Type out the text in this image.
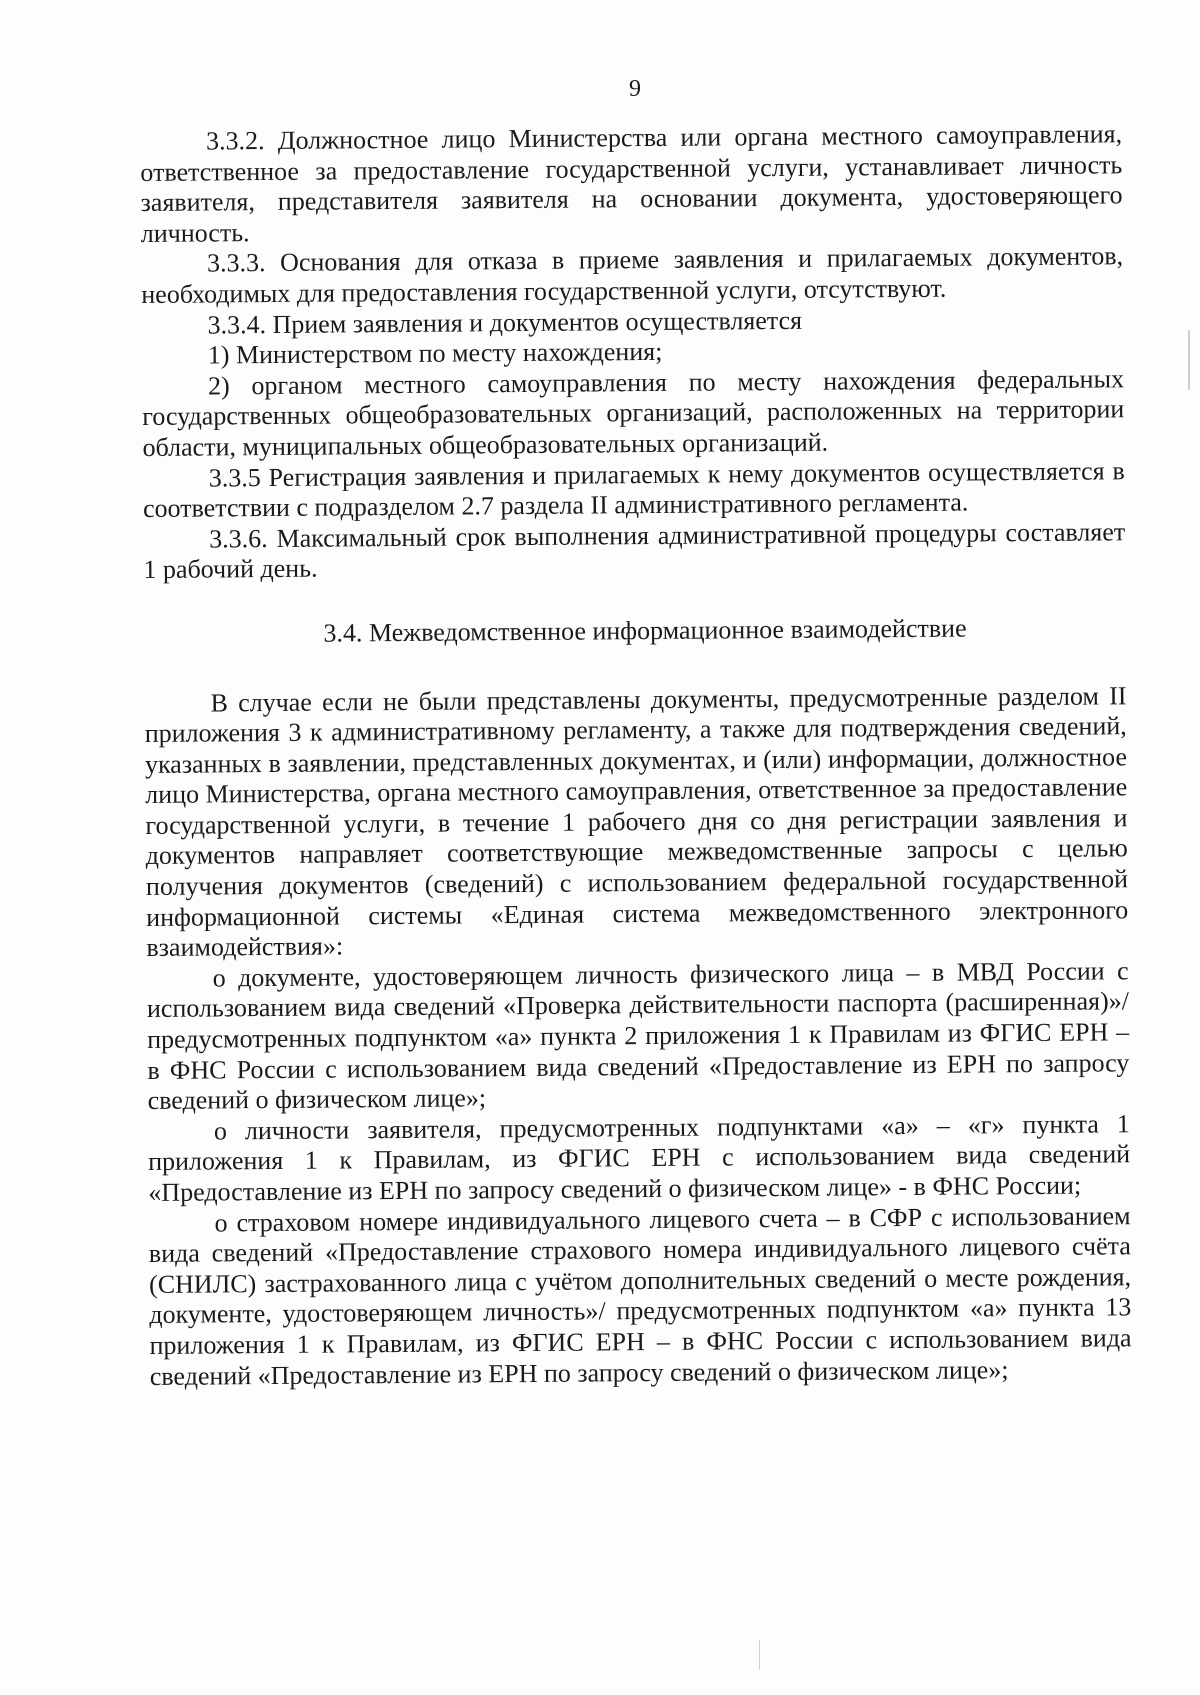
9

3.3.2. Должностное лицо Министерства или органа местного самоуправления, ответственное за предоставление государственной услуги, устанавливает личность заявителя, представителя заявителя на основании документа, удостоверяющего личность.

3.3.3. Основания для отказа в приеме заявления и прилагаемых документов, необходимых для предоставления государственной услуги, отсутствуют.

3.3.4. Прием заявления и документов осуществляется

1) Министерством по месту нахождения;

2) органом местного самоуправления по месту нахождения федеральных государственных общеобразовательных организаций, расположенных на территории области, муниципальных общеобразовательных организаций.

3.3.5 Регистрация заявления и прилагаемых к нему документов осуществляется в соответствии с подразделом 2.7 раздела II административного регламента.

3.3.6. Максимальный срок выполнения административной процедуры составляет 1 рабочий день.

3.4. Межведомственное информационное взаимодействие

В случае если не были представлены документы, предусмотренные разделом II приложения 3 к административному регламенту, а также для подтверждения сведений, указанных в заявлении, представленных документах, и (или) информации, должностное лицо Министерства, органа местного самоуправления, ответственное за предоставление государственной услуги, в течение 1 рабочего дня со дня регистрации заявления и документов направляет соответствующие межведомственные запросы с целью получения документов (сведений) с использованием федеральной государственной информационной системы «Единая система межведомственного электронного взаимодействия»:

о документе, удостоверяющем личность физического лица – в МВД России с использованием вида сведений «Проверка действительности паспорта (расширенная)»/предусмотренных подпунктом «а» пункта 2 приложения 1 к Правилам из ФГИС ЕРН – в ФНС России с использованием вида сведений «Предоставление из ЕРН по запросу сведений о физическом лице»;

о личности заявителя, предусмотренных подпунктами «а» – «г» пункта 1 приложения 1 к Правилам, из ФГИС ЕРН с использованием вида сведений «Предоставление из ЕРН по запросу сведений о физическом лице» - в ФНС России;

о страховом номере индивидуального лицевого счета – в СФР с использованием вида сведений «Предоставление страхового номера индивидуального лицевого счёта (СНИЛС) застрахованного лица с учётом дополнительных сведений о месте рождения, документе, удостоверяющем личность»/ предусмотренных подпунктом «а» пункта 13 приложения 1 к Правилам, из ФГИС ЕРН – в ФНС России с использованием вида сведений «Предоставление из ЕРН по запросу сведений о физическом лице»;
